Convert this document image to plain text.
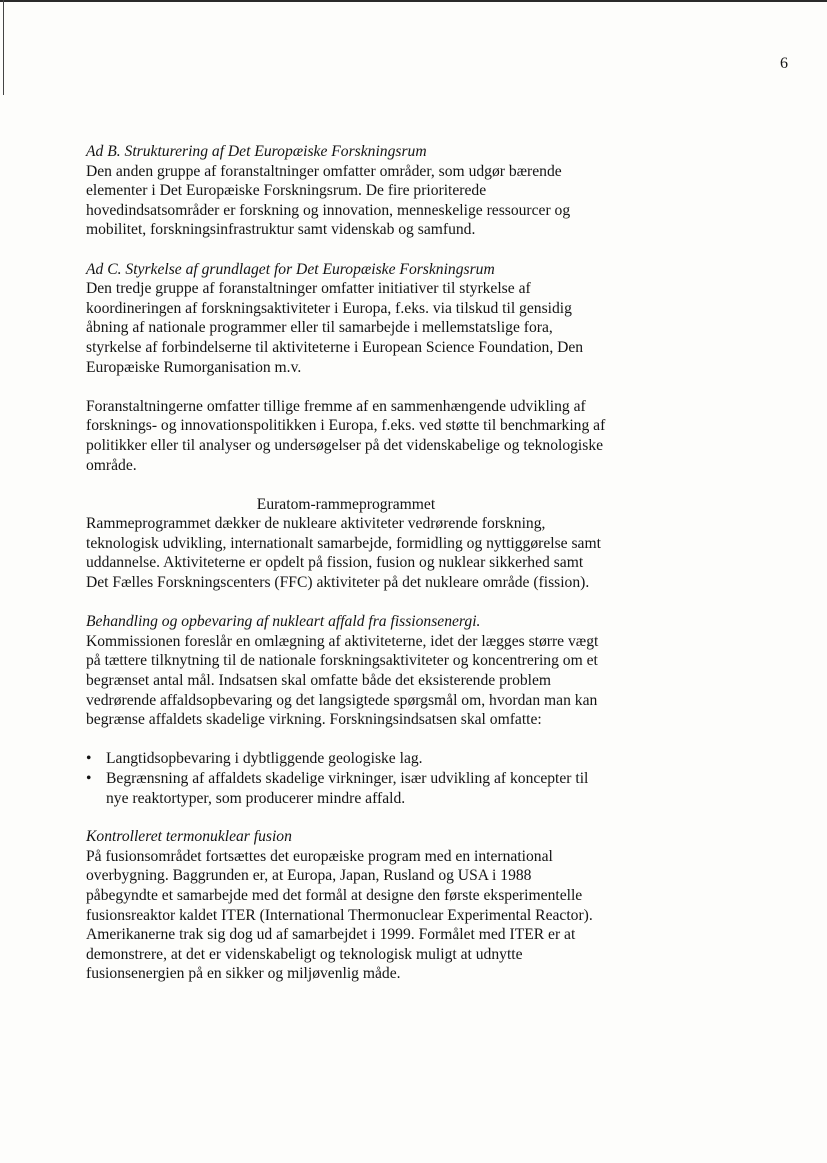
6

Ad B. Strukturering af Det Europæiske Forskningsrum

Den anden gruppe af foranstaltninger omfatter områder, som udgør bærende elementer i Det Europæiske Forskningsrum. De fire prioriterede hovedindsatsområder er forskning og innovation, menneskelige ressourcer og mobilitet, forskningsinfrastruktur samt videnskab og samfund.

Ad C. Styrkelse af grundlaget for Det Europæiske Forskningsrum

Den tredje gruppe af foranstaltninger omfatter initiativer til styrkelse af koordineringen af forskningsaktiviteter i Europa, f.eks. via tilskud til gensidig åbning af nationale programmer eller til samarbejde i mellemstatslige fora, styrkelse af forbindelserne til aktiviteterne i European Science Foundation, Den Europæiske Rumorganisation m.v.

Foranstaltningerne omfatter tillige fremme af en sammenhængende udvikling af forsknings- og innovationspolitikken i Europa, f.eks. ved støtte til benchmarking af politikker eller til analyser og undersøgelser på det videnskabelige og teknologiske område.

Euratom-rammeprogrammet

Rammeprogrammet dækker de nukleare aktiviteter vedrørende forskning, teknologisk udvikling, internationalt samarbejde, formidling og nyttiggørelse samt uddannelse. Aktiviteterne er opdelt på fission, fusion og nuklear sikkerhed samt Det Fælles Forskningscenters (FFC) aktiviteter på det nukleare område (fission).

Behandling og opbevaring af nukleart affald fra fissionsenergi.

Kommissionen foreslår en omlægning af aktiviteterne, idet der lægges større vægt på tættere tilknytning til de nationale forskningsaktiviteter og koncentrering om et begrænset antal mål. Indsatsen skal omfatte både det eksisterende problem vedrørende affaldsopbevaring og det langsigtede spørgsmål om, hvordan man kan begrænse affaldets skadelige virkning. Forskningsindsatsen skal omfatte:

• Langtidsopbevaring i dybtliggende geologiske lag.
• Begrænsning af affaldets skadelige virkninger, især udvikling af koncepter til nye reaktortyper, som producerer mindre affald.

Kontrolleret termonuklear fusion

På fusionsområdet fortsættes det europæiske program med en international overbygning. Baggrunden er, at Europa, Japan, Rusland og USA i 1988 påbegyndte et samarbejde med det formål at designe den første eksperimentelle fusionsreaktor kaldet ITER (International Thermonuclear Experimental Reactor). Amerikanerne trak sig dog ud af samarbejdet i 1999. Formålet med ITER er at demonstrere, at det er videnskabeligt og teknologisk muligt at udnytte fusionsenergien på en sikker og miljøvenlig måde.
